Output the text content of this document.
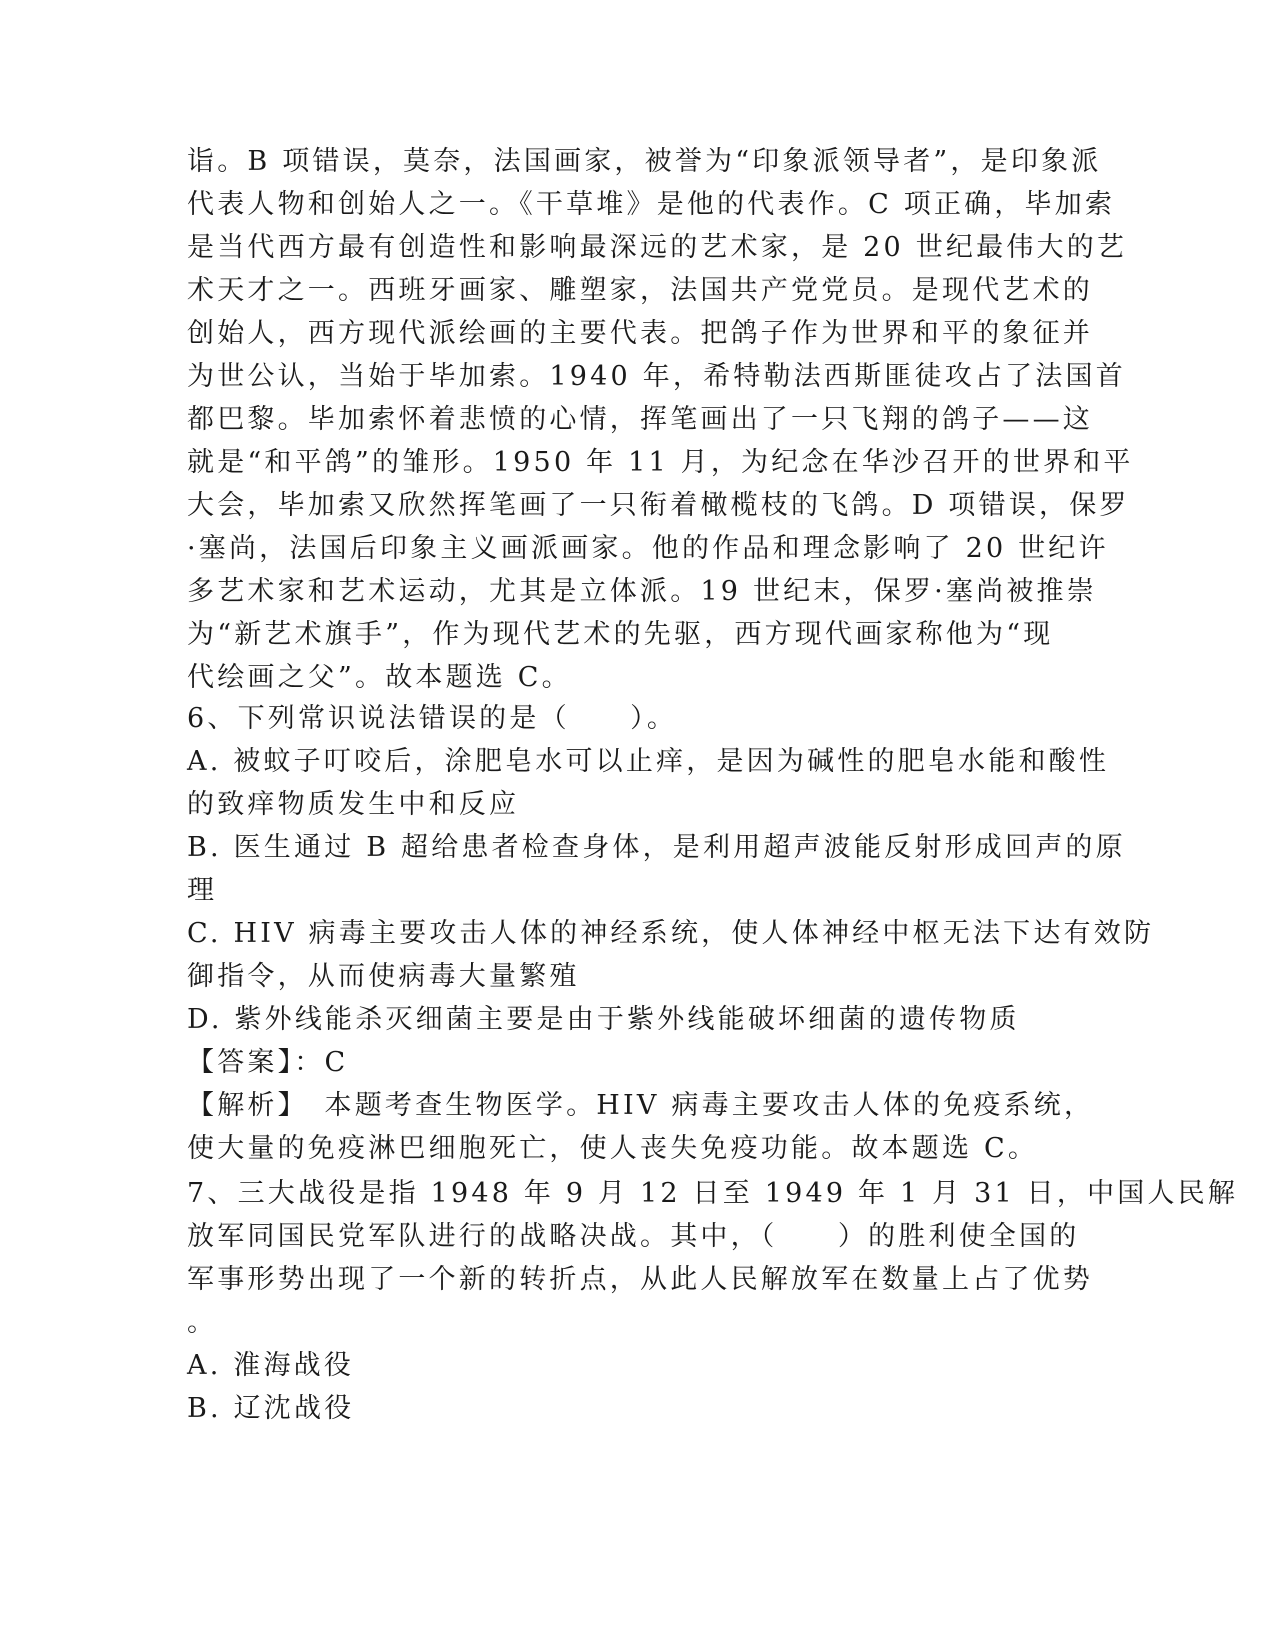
诣。B 项错误，莫奈，法国画家，被誉为“印象派领导者”，是印象派
代表人物和创始人之一。《干草堆》是他的代表作。C 项正确，毕加索
是当代西方最有创造性和影响最深远的艺术家，是 20 世纪最伟大的艺
术天才之一。西班牙画家、雕塑家，法国共产党党员。是现代艺术的
创始人，西方现代派绘画的主要代表。把鸽子作为世界和平的象征并
为世公认，当始于毕加索。1940 年，希特勒法西斯匪徒攻占了法国首
都巴黎。毕加索怀着悲愤的心情，挥笔画出了一只飞翔的鸽子——这
就是“和平鸽”的雏形。1950 年 11 月，为纪念在华沙召开的世界和平
大会，毕加索又欣然挥笔画了一只衔着橄榄枝的飞鸽。D 项错误，保罗
·塞尚，法国后印象主义画派画家。他的作品和理念影响了 20 世纪许
多艺术家和艺术运动，尤其是立体派。19 世纪末，保罗·塞尚被推崇
为“新艺术旗手”，作为现代艺术的先驱，西方现代画家称他为“现
代绘画之父”。故本题选 C。
6、下列常识说法错误的是（　　）。
A. 被蚊子叮咬后，涂肥皂水可以止痒，是因为碱性的肥皂水能和酸性
的致痒物质发生中和反应
B. 医生通过 B 超给患者检查身体，是利用超声波能反射形成回声的原
理
C. HIV 病毒主要攻击人体的神经系统，使人体神经中枢无法下达有效防
御指令，从而使病毒大量繁殖
D. 紫外线能杀灭细菌主要是由于紫外线能破坏细菌的遗传物质
【答案】：C
【解析】　本题考查生物医学。HIV 病毒主要攻击人体的免疫系统，
使大量的免疫淋巴细胞死亡，使人丧失免疫功能。故本题选 C。
7、三大战役是指 1948 年 9 月 12 日至 1949 年 1 月 31 日，中国人民解
放军同国民党军队进行的战略决战。其中，（　　）的胜利使全国的
军事形势出现了一个新的转折点，从此人民解放军在数量上占了优势
。
A. 淮海战役
B. 辽沈战役
